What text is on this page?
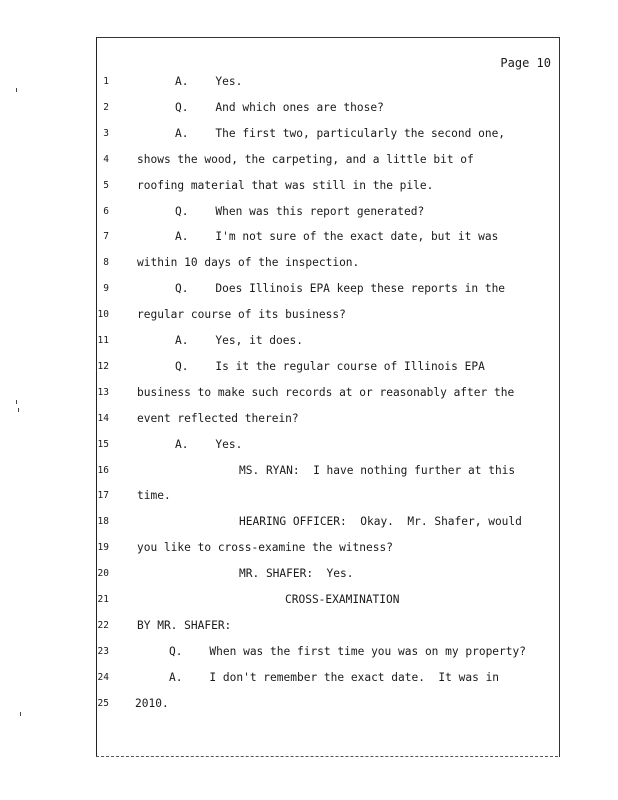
Page 10
1	A.    Yes.
2	Q.    And which ones are those?
3	A.    The first two, particularly the second one,
4	shows the wood, the carpeting, and a little bit of
5	roofing material that was still in the pile.
6	Q.    When was this report generated?
7	A.    I'm not sure of the exact date, but it was
8	within 10 days of the inspection.
9	Q.    Does Illinois EPA keep these reports in the
10	regular course of its business?
11	A.    Yes, it does.
12	Q.    Is it the regular course of Illinois EPA
13	business to make such records at or reasonably after the
14	event reflected therein?
15	A.    Yes.
16	MS. RYAN:  I have nothing further at this
17	time.
18	HEARING OFFICER:  Okay.  Mr. Shafer, would
19	you like to cross-examine the witness?
20	MR. SHAFER:  Yes.
21	CROSS-EXAMINATION
22	BY MR. SHAFER:
23	Q.    When was the first time you was on my property?
24	A.    I don't remember the exact date.  It was in
25 2010.
